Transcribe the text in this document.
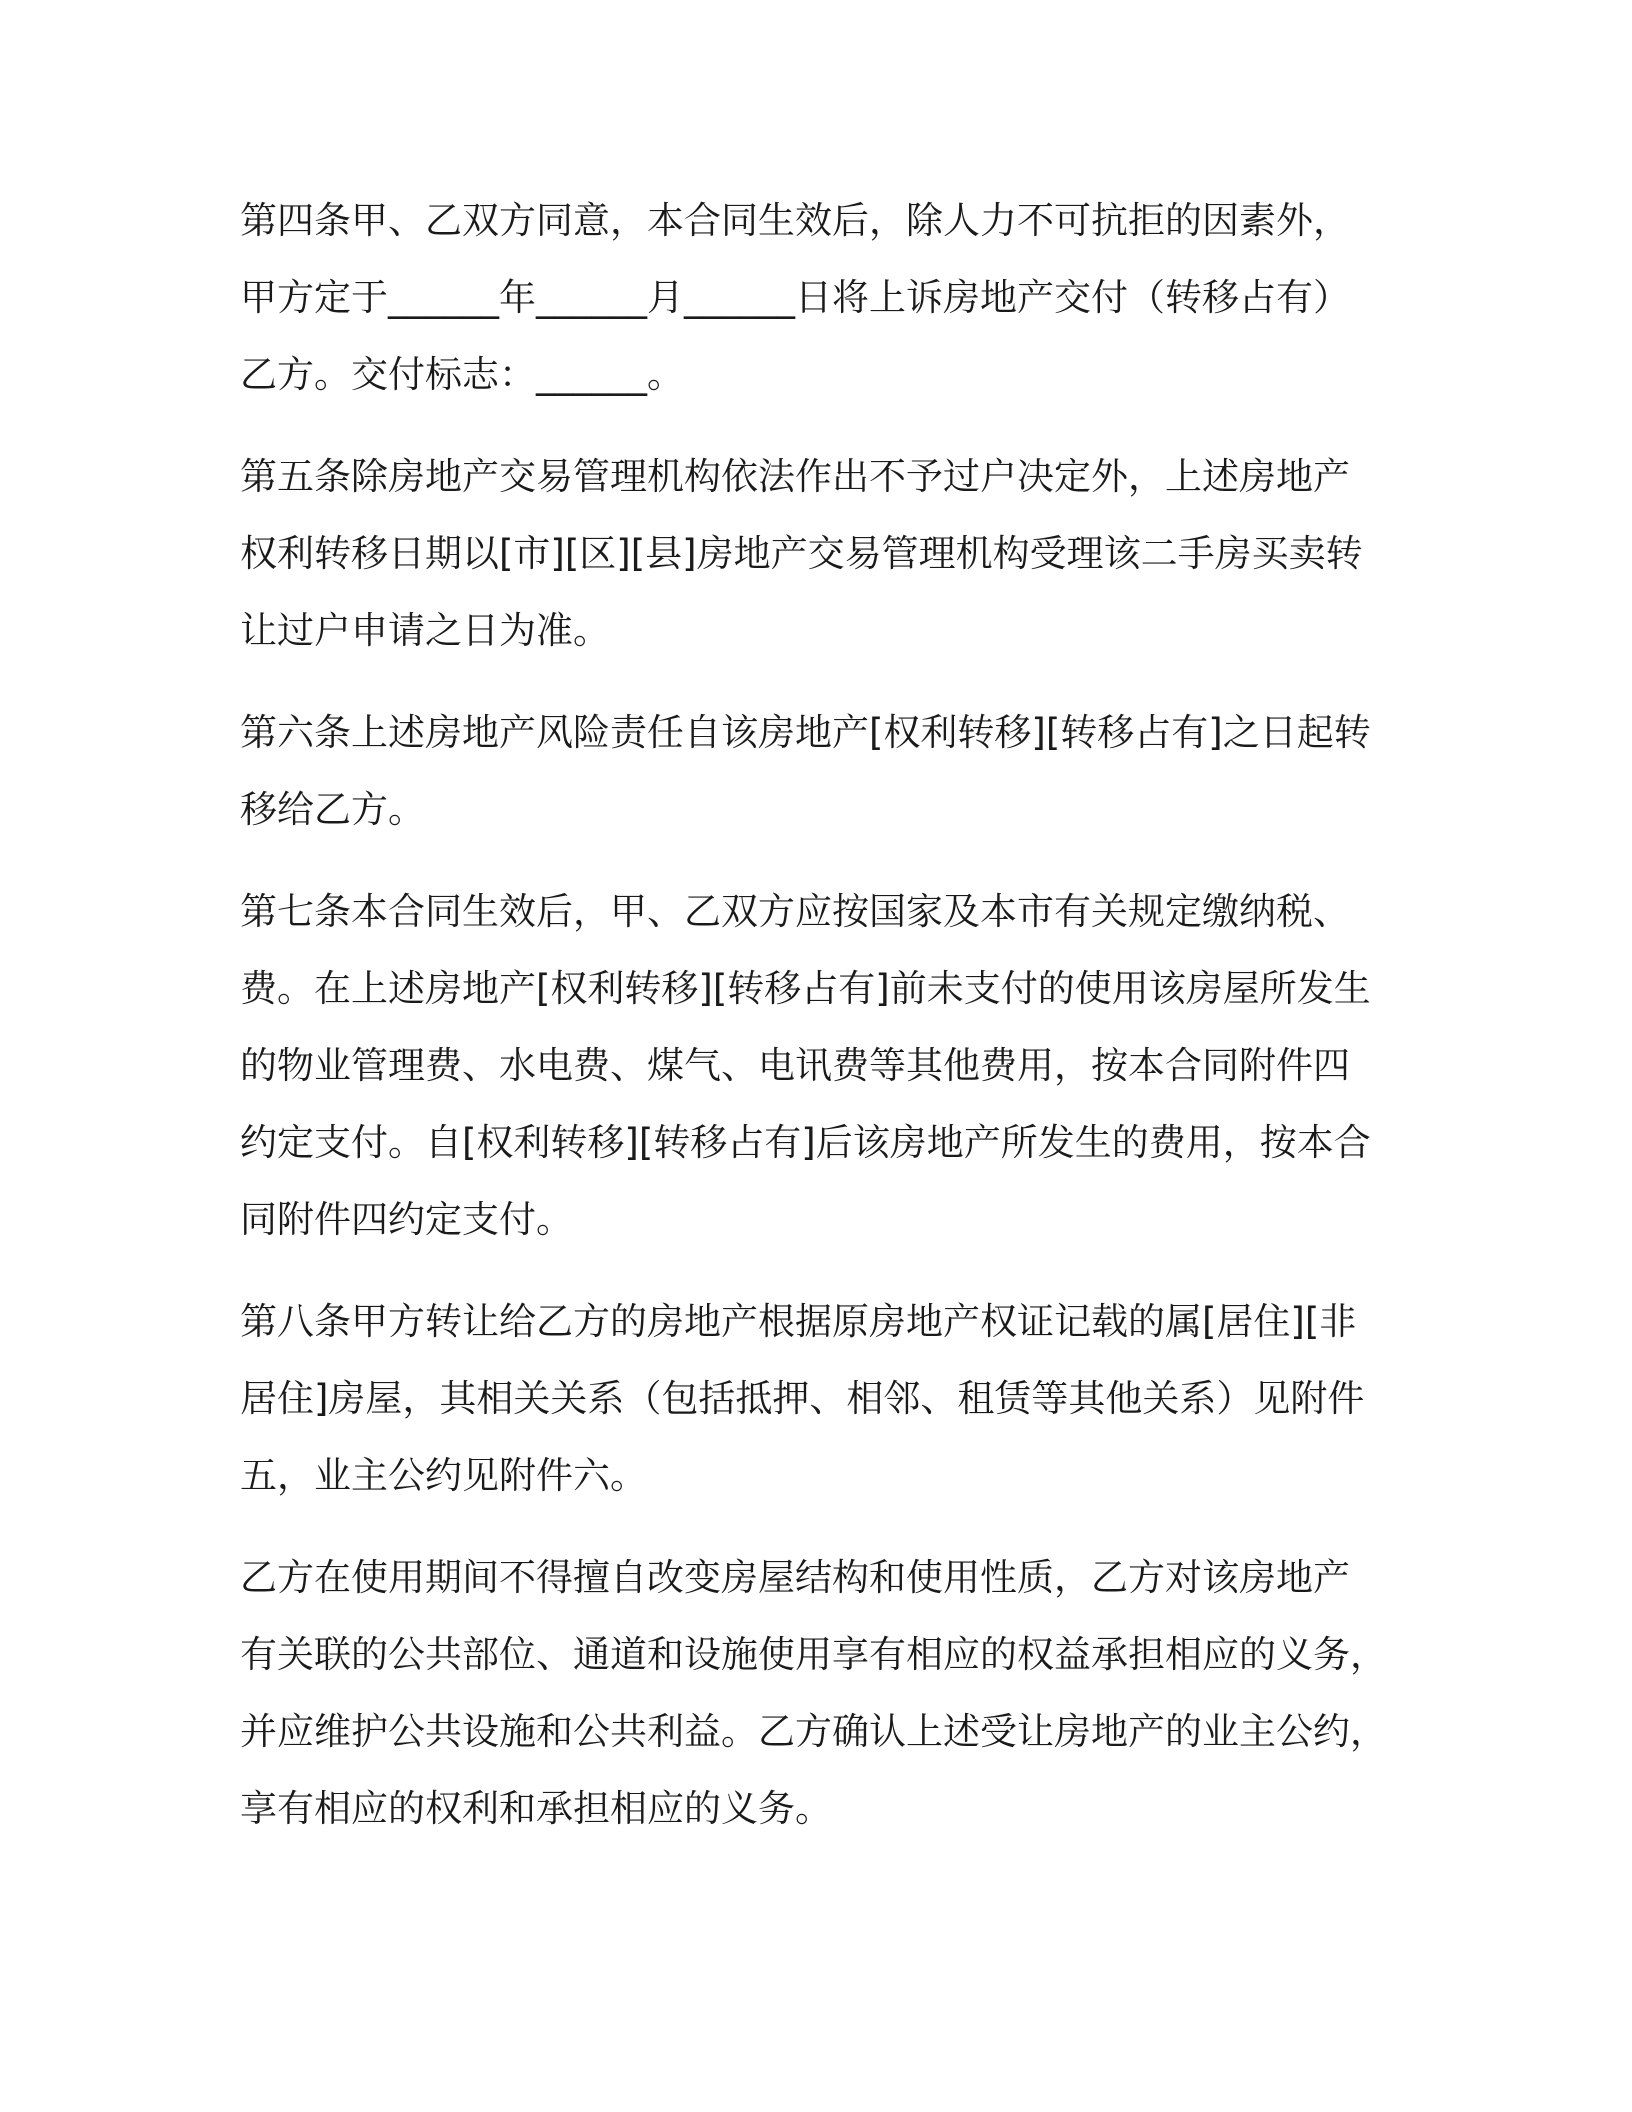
第四条甲、乙双方同意，本合同生效后，除人力不可抗拒的因素外，
甲方定于______年______月______日将上诉房地产交付（转移占有）
乙方。交付标志：______。
第五条除房地产交易管理机构依法作出不予过户决定外，上述房地产
权利转移日期以[市][区][县]房地产交易管理机构受理该二手房买卖转
让过户申请之日为准。
第六条上述房地产风险责任自该房地产[权利转移][转移占有]之日起转
移给乙方。
第七条本合同生效后，甲、乙双方应按国家及本市有关规定缴纳税、
费。在上述房地产[权利转移][转移占有]前未支付的使用该房屋所发生
的物业管理费、水电费、煤气、电讯费等其他费用，按本合同附件四
约定支付。自[权利转移][转移占有]后该房地产所发生的费用，按本合
同附件四约定支付。
第八条甲方转让给乙方的房地产根据原房地产权证记载的属[居住][非
居住]房屋，其相关关系（包括抵押、相邻、租赁等其他关系）见附件
五，业主公约见附件六。
乙方在使用期间不得擅自改变房屋结构和使用性质，乙方对该房地产
有关联的公共部位、通道和设施使用享有相应的权益承担相应的义务，
并应维护公共设施和公共利益。乙方确认上述受让房地产的业主公约，
享有相应的权利和承担相应的义务。
